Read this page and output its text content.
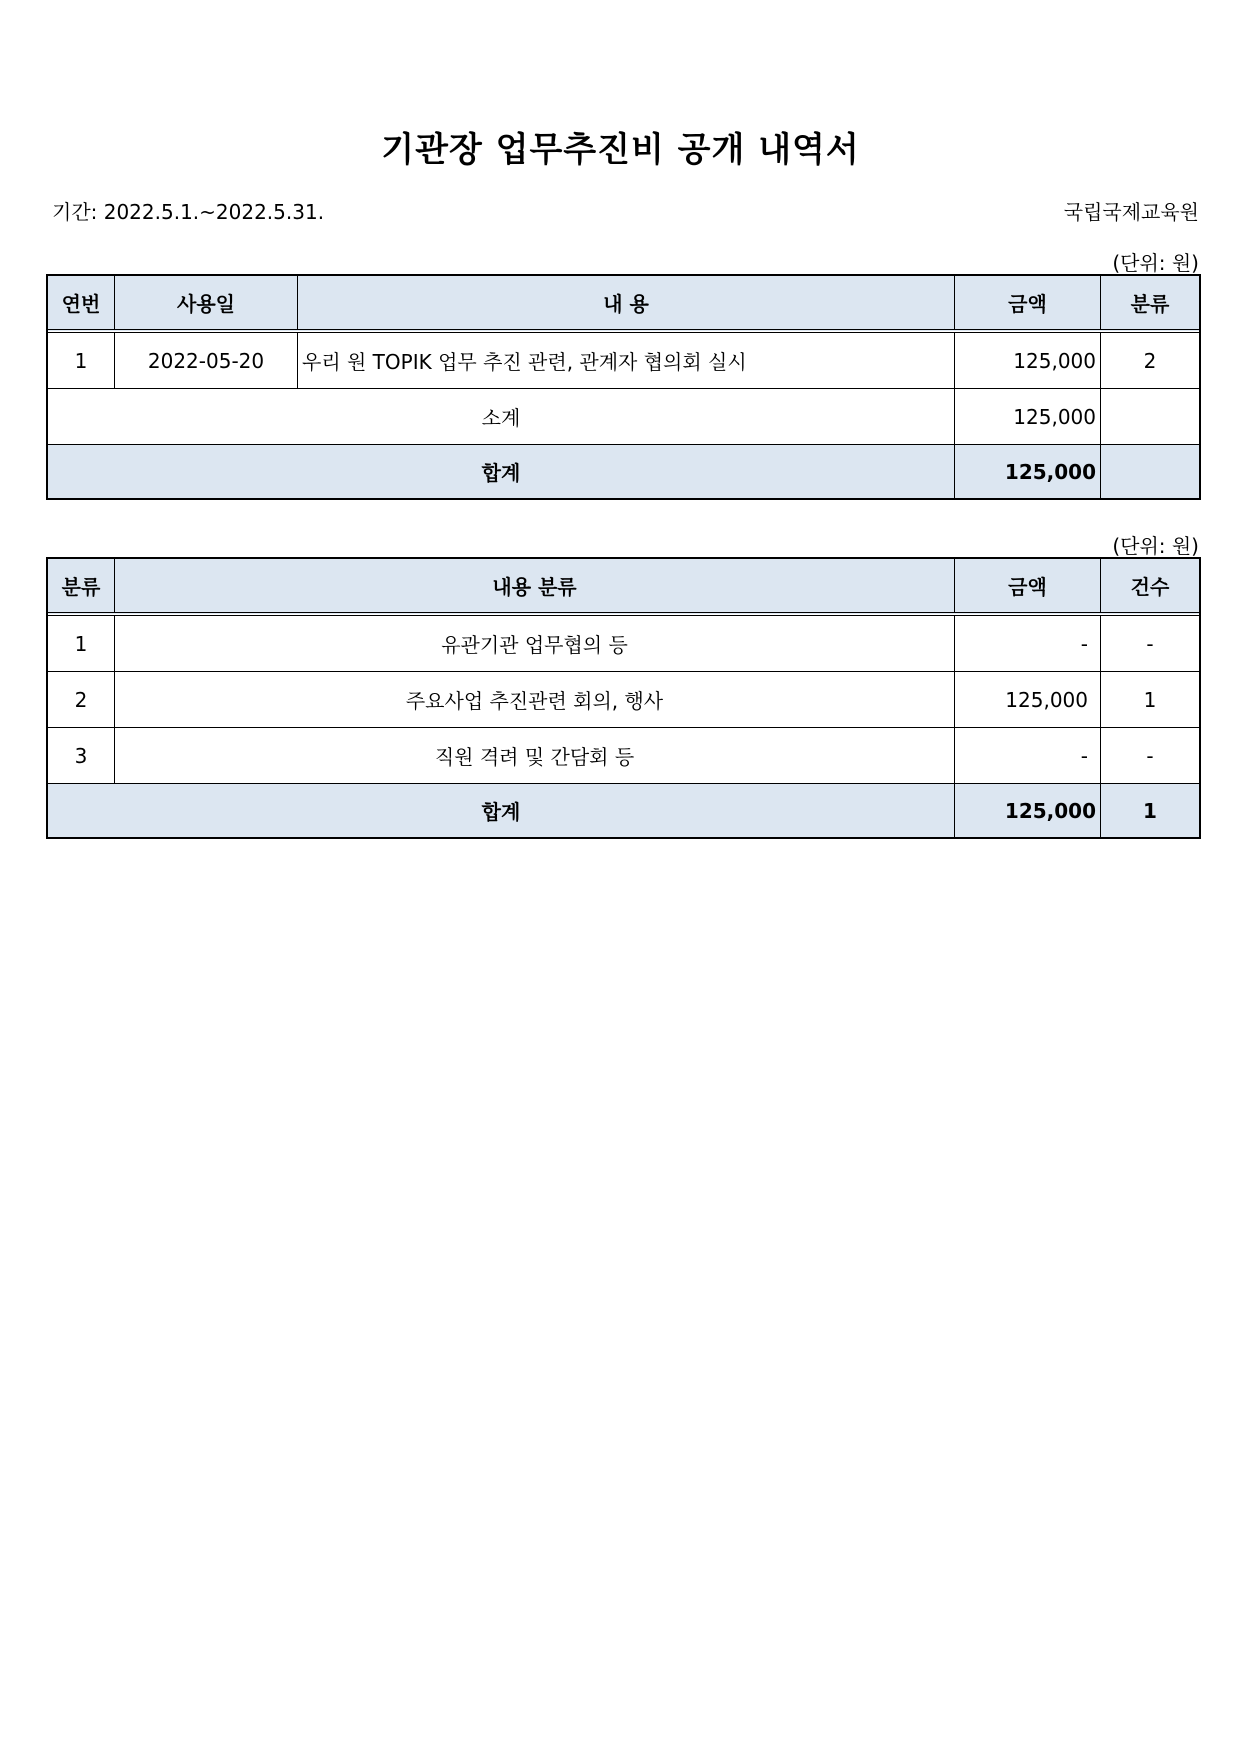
기관장 업무추진비 공개 내역서
기간: 2022.5.1.~2022.5.31.	국립국제교육원
(단위: 원)
연번	사용일	내 용	금액	분류
1	2022-05-20	우리 원 TOPIK 업무 추진 관련, 관계자 협의회 실시	125,000	2
소계			125,000	
합계			125,000	
(단위: 원)
분류	내용 분류	금액	건수
1	유관기관 업무협의 등	-	-
2	주요사업 추진관련 회의, 행사	125,000	1
3	직원 격려 및 간담회 등	-	-
합계		125,000	1
